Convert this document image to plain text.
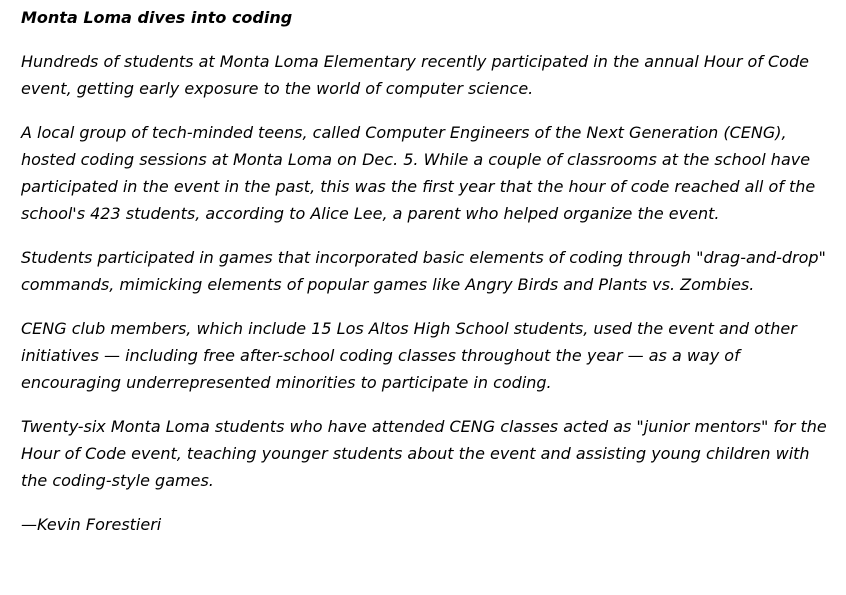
Monta Loma dives into coding

Hundreds of students at Monta Loma Elementary recently participated in the annual Hour of Code event, getting early exposure to the world of computer science.

A local group of tech-minded teens, called Computer Engineers of the Next Generation (CENG), hosted coding sessions at Monta Loma on Dec. 5. While a couple of classrooms at the school have participated in the event in the past, this was the first year that the hour of code reached all of the school's 423 students, according to Alice Lee, a parent who helped organize the event.

Students participated in games that incorporated basic elements of coding through "drag-and-drop" commands, mimicking elements of popular games like Angry Birds and Plants vs. Zombies.

CENG club members, which include 15 Los Altos High School students, used the event and other initiatives — including free after-school coding classes throughout the year — as a way of encouraging underrepresented minorities to participate in coding.

Twenty-six Monta Loma students who have attended CENG classes acted as "junior mentors" for the Hour of Code event, teaching younger students about the event and assisting young children with the coding-style games.

—Kevin Forestieri
